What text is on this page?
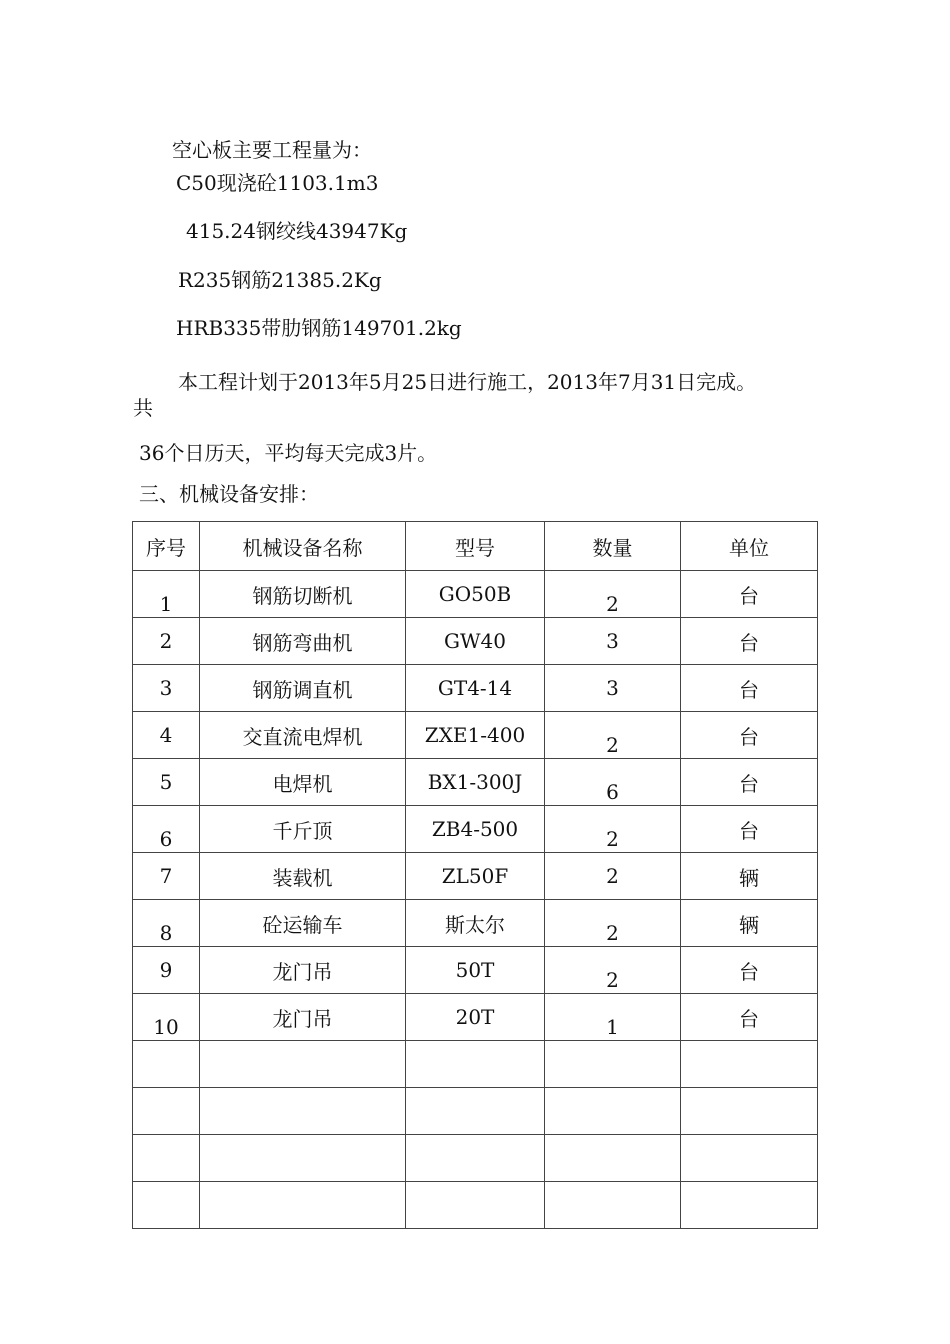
空心板主要工程量为：
C50现浇砼1103.1m3
415.24钢绞线43947Kg
R235钢筋21385.2Kg
HRB335带肋钢筋149701.2kg
本工程计划于2013年5月25日进行施工，2013年7月31日完成。
共
36个日历天，平均每天完成3片。
三、机械设备安排：
序号	机械设备名称	型号	数量	单位
1	钢筋切断机	GO50B	2	台
2	钢筋弯曲机	GW40	3	台
3	钢筋调直机	GT4-14	3	台
4	交直流电焊机	ZXE1-400	2	台
5	电焊机	BX1-300J	6	台
6	千斤顶	ZB4-500	2	台
7	装载机	ZL50F	2	辆
8	砼运输车	斯太尔	2	辆
9	龙门吊	50T	2	台
10	龙门吊	20T	1	台
